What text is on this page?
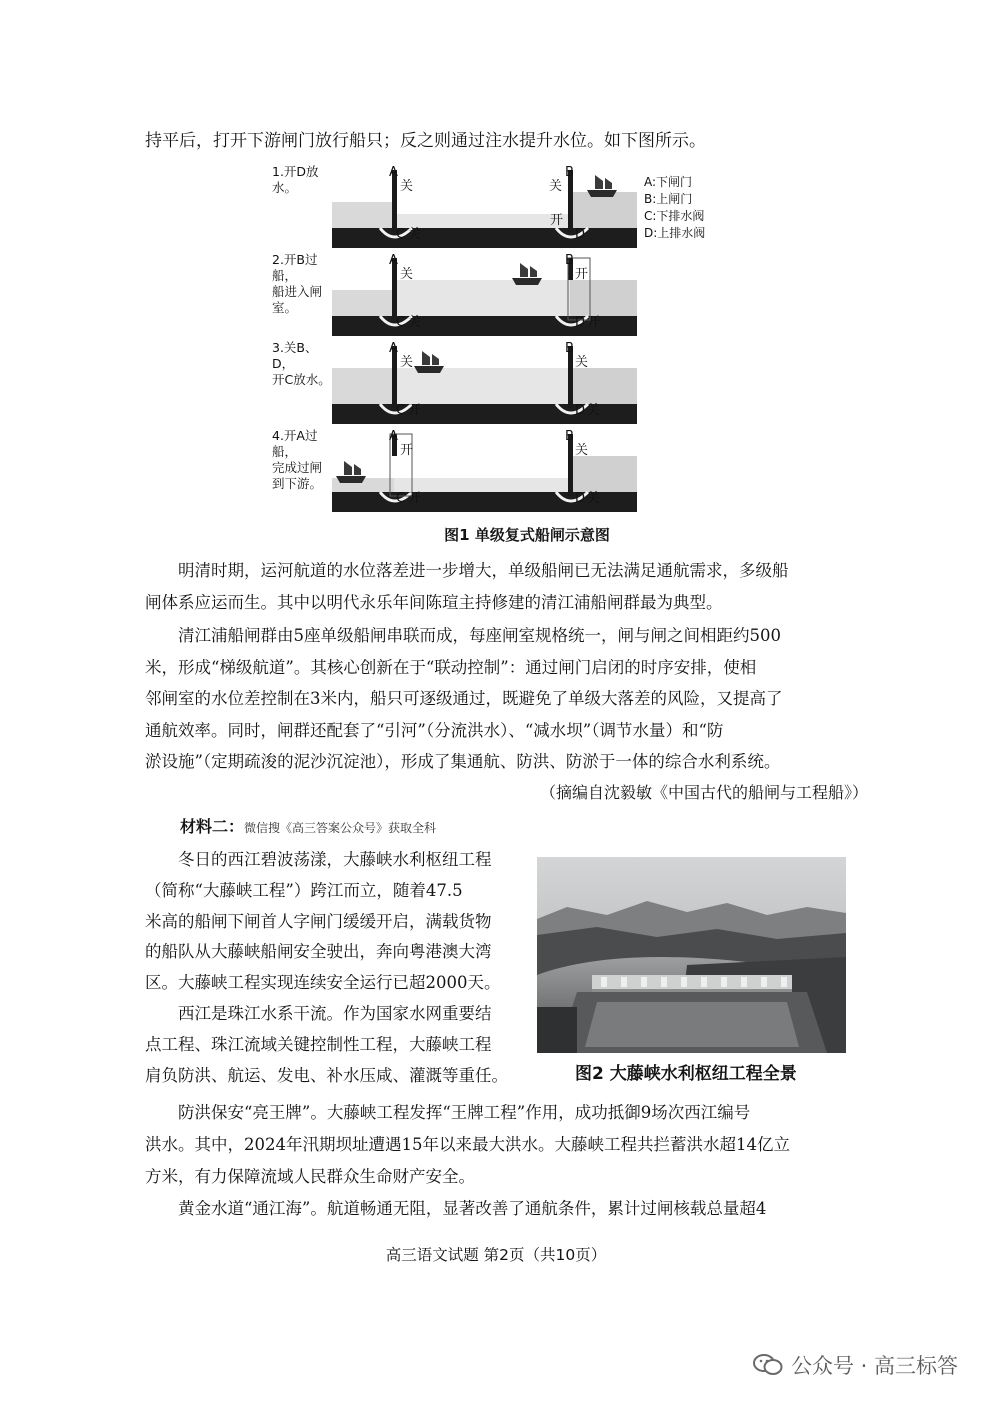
持平后，打开下游闸门放行船只；反之则通过注水提升水位。如下图所示。
1.开D放水。
A
关
B
关
C 关	D
开
2.开B过船，
船进入闸室。
A
关
B
开
C 关	D 开
3.关B、D，
开C放水。
A
关
B
关
C 开	D 关
4.开A过船，
完成过闸
到下游。
A
开
B
关
C 开	D 关
A:下闸门
B:上闸门
C:下排水阀
D:上排水阀
图1 单级复式船闸示意图

明清时期，运河航道的水位落差进一步增大，单级船闸已无法满足通航需求，多级船

闸体系应运而生。其中以明代永乐年间陈瑄主持修建的清江浦船闸群最为典型。

清江浦船闸群由5座单级船闸串联而成，每座闸室规格统一，闸与闸之间相距约500

米，形成“梯级航道”。其核心创新在于“联动控制”：通过闸门启闭的时序安排，使相

邻闸室的水位差控制在3米内，船只可逐级通过，既避免了单级大落差的风险，又提高了

通航效率。同时，闸群还配套了“引河”（分流洪水）、“减水坝”（调节水量）和“防

淤设施”（定期疏浚的泥沙沉淀池），形成了集通航、防洪、防淤于一体的综合水利系统。

（摘编自沈毅敏《中国古代的船闸与工程船》）
材料二：微信搜《高三答案公众号》获取全科

冬日的西江碧波荡漾，大藤峡水利枢纽工程

（简称“大藤峡工程”）跨江而立，随着47.5

米高的船闸下闸首人字闸门缓缓开启，满载货物

的船队从大藤峡船闸安全驶出，奔向粤港澳大湾

区。大藤峡工程实现连续安全运行已超2000天。

西江是珠江水系干流。作为国家水网重要结

点工程、珠江流域关键控制性工程，大藤峡工程

肩负防洪、航运、发电、补水压咸、灌溉等重任。	图2 大藤峡水利枢纽工程全景

防洪保安“亮王牌”。大藤峡工程发挥“王牌工程”作用，成功抵御9场次西江编号

洪水。其中，2024年汛期坝址遭遇15年以来最大洪水。大藤峡工程共拦蓄洪水超14亿立

方米，有力保障流域人民群众生命财产安全。

黄金水道“通江海”。航道畅通无阻，显著改善了通航条件，累计过闸核载总量超4

高三语文试题 第2页（共10页）
公众号 · 高三标答
